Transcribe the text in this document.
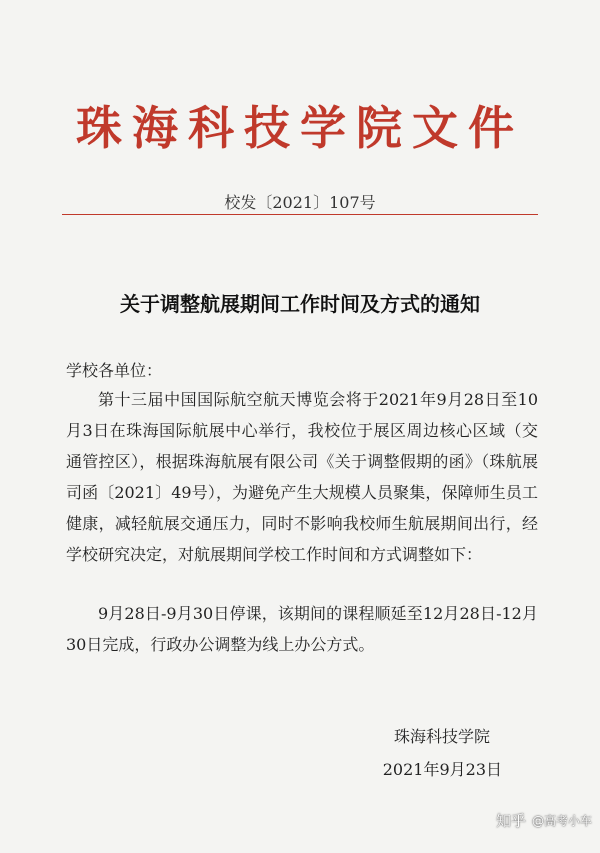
珠海科技学院文件
校发〔2021〕107号
关于调整航展期间工作时间及方式的通知
学校各单位：
第十三届中国国际航空航天博览会将于2021年9月28日至10月3日在珠海国际航展中心举行，我校位于展区周边核心区域（交通管控区），根据珠海航展有限公司《关于调整假期的函》（珠航展司函〔2021〕49号），为避免产生大规模人员聚集，保障师生员工健康，减轻航展交通压力，同时不影响我校师生航展期间出行，经学校研究决定，对航展期间学校工作时间和方式调整如下：
9月28日-9月30日停课，该期间的课程顺延至12月28日-12月30日完成，行政办公调整为线上办公方式。
珠海科技学院
2021年9月23日
知乎 @高考小车
